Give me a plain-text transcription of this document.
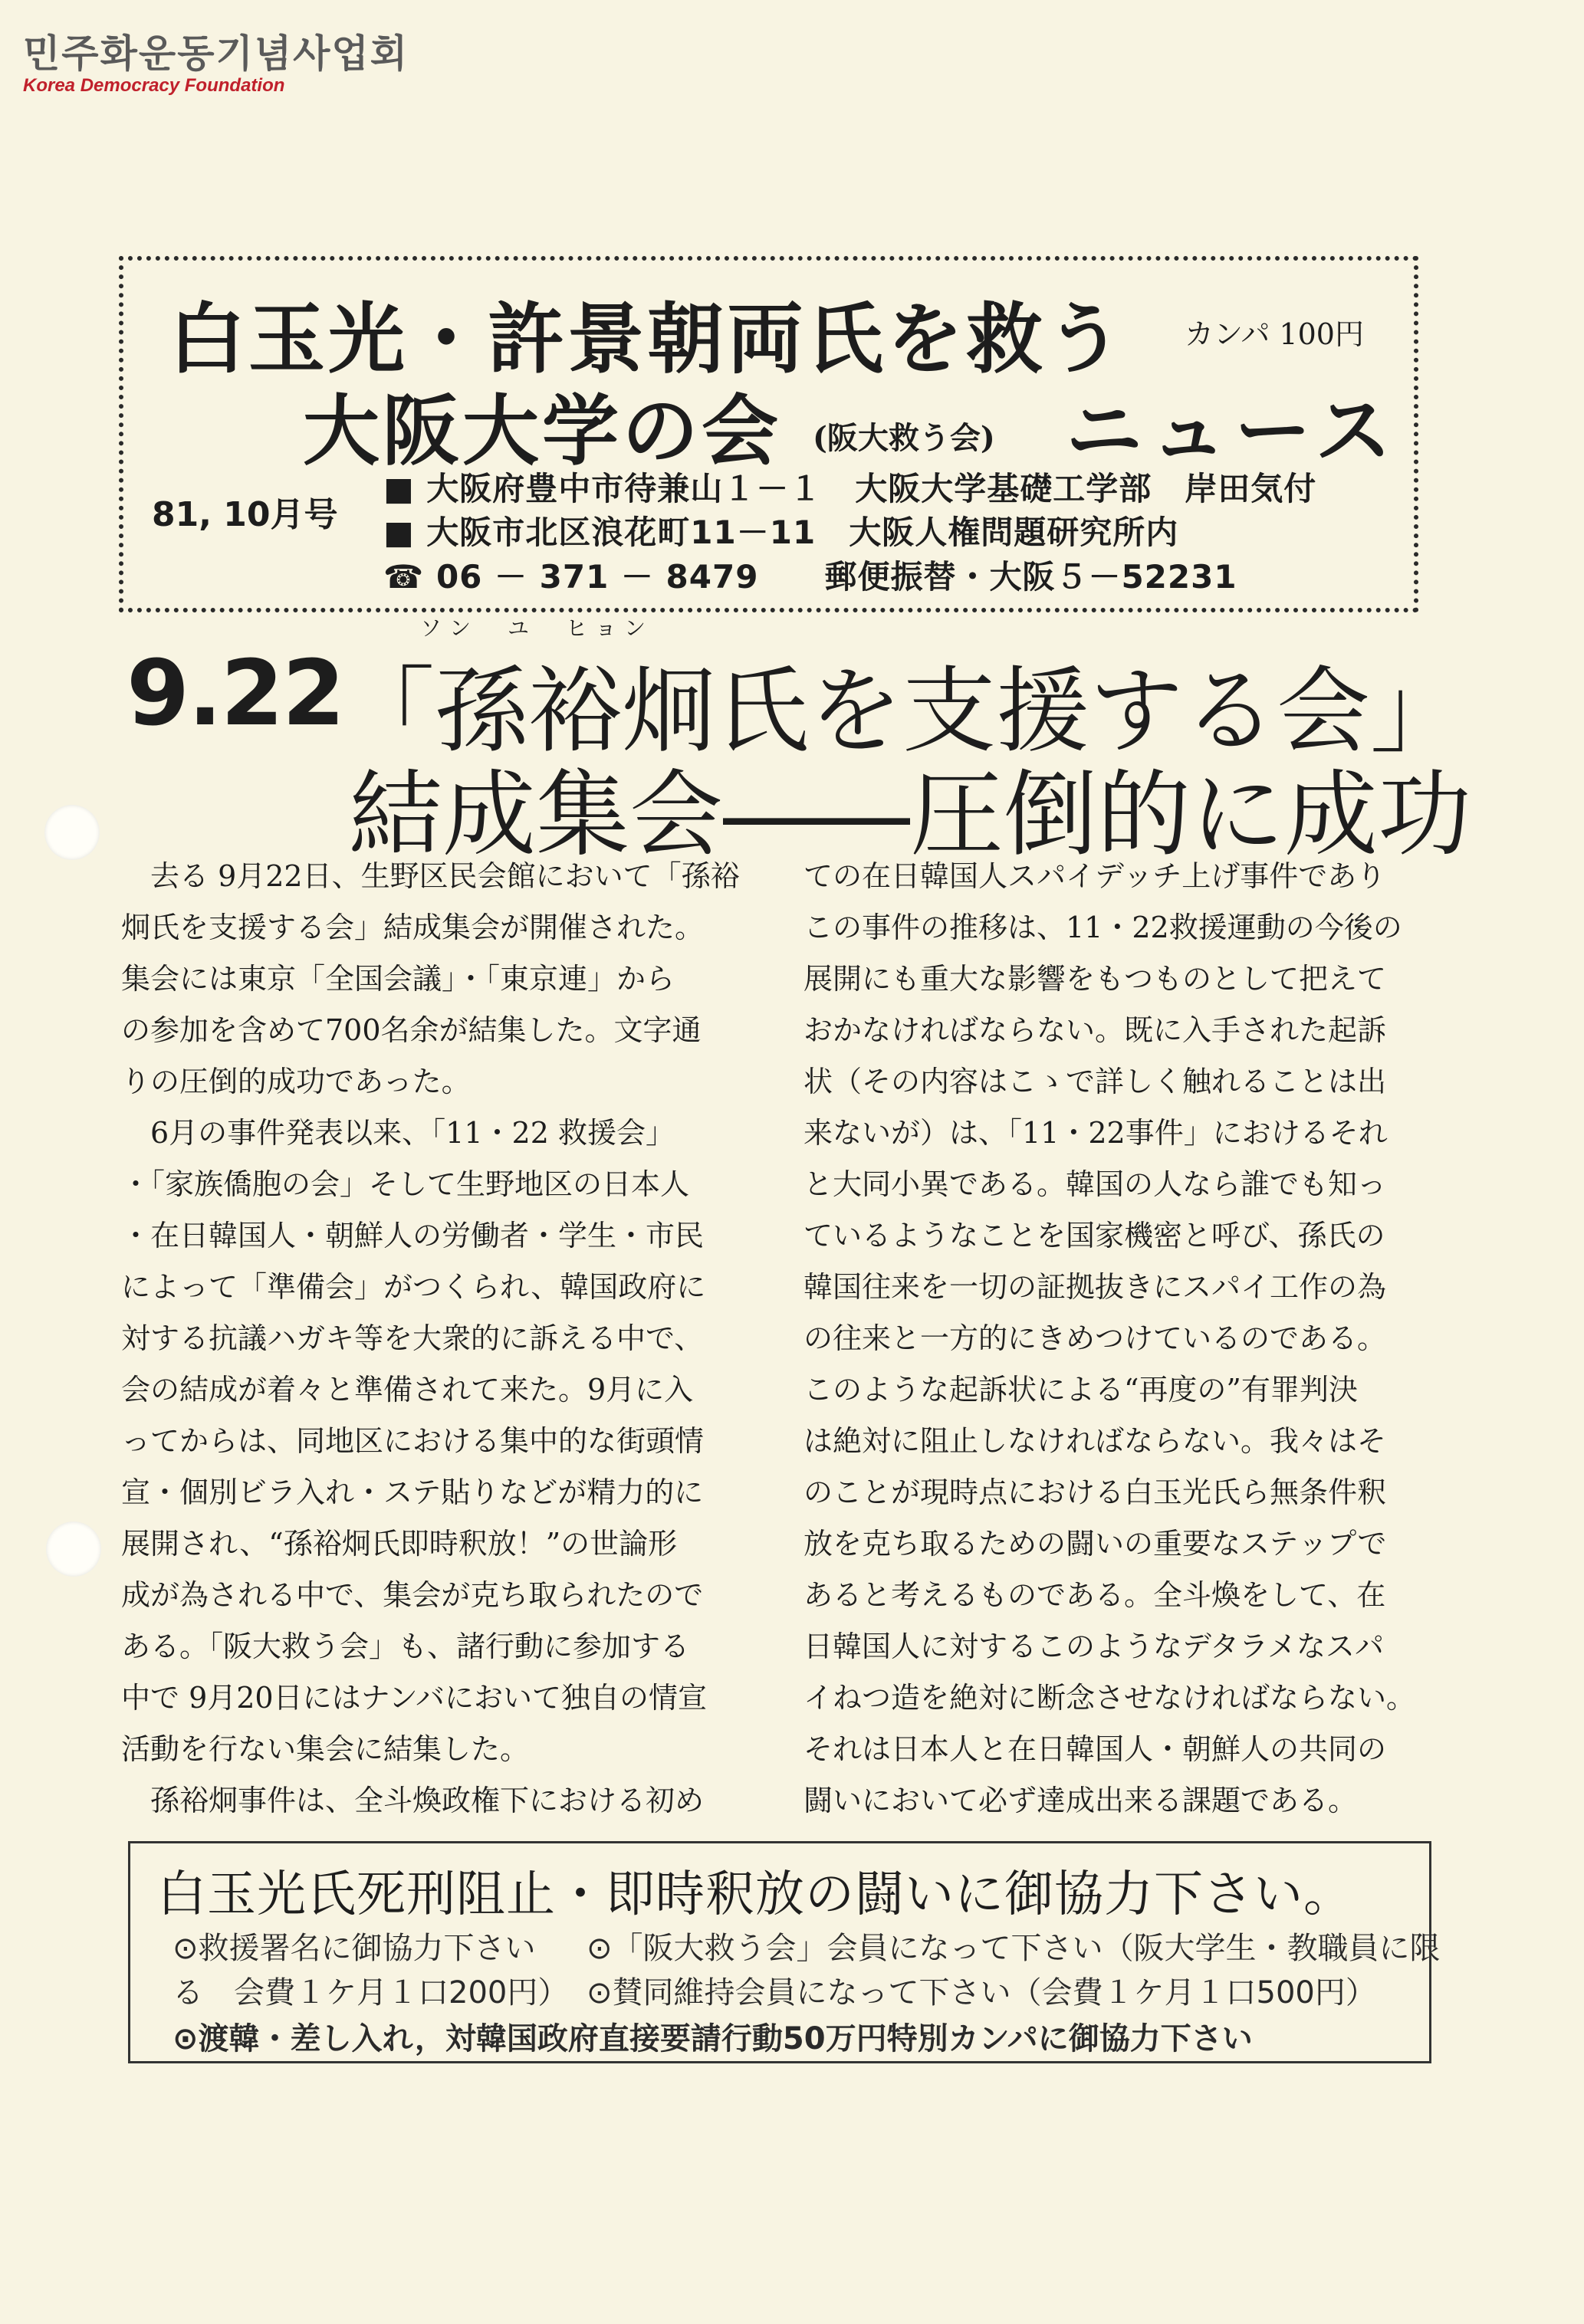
민주화운동기념사업회
Korea Democracy Foundation
白玉光・許景朝両氏を救う カンパ 100円
大阪大学の会 (阪大救う会) ニュース
81, 10月号
■ 大阪府豊中市待兼山１－１　大阪大学基礎工学部　岸田気付
■ 大阪市北区浪花町11－11　大阪人権問題研究所内
☎ 06 － 371 － 8479　　郵便振替・大阪５－52231
ソン　ユ　ヒョン
9.22
「孫裕炯氏を支援する会」
結成集会――圧倒的に成功

　去る 9月22日、生野区民会館において「孫裕

炯氏を支援する会」結成集会が開催された。

集会には東京「全国会議」・「東京連」から

の参加を含めて700名余が結集した。文字通

りの圧倒的成功であった。

　6月の事件発表以来、「11・22 救援会」

・「家族僑胞の会」そして生野地区の日本人

・在日韓国人・朝鮮人の労働者・学生・市民

によって「準備会」がつくられ、韓国政府に

対する抗議ハガキ等を大衆的に訴える中で、

会の結成が着々と準備されて来た。9月に入

ってからは、同地区における集中的な街頭情

宣・個別ビラ入れ・ステ貼りなどが精力的に

展開され、“孫裕炯氏即時釈放！”の世論形

成が為される中で、集会が克ち取られたので

ある。「阪大救う会」も、諸行動に参加する

中で 9月20日にはナンバにおいて独自の情宣

活動を行ない集会に結集した。

　孫裕炯事件は、全斗煥政権下における初め

ての在日韓国人スパイデッチ上げ事件であり

この事件の推移は、11・22救援運動の今後の

展開にも重大な影響をもつものとして把えて

おかなければならない。既に入手された起訴

状（その内容はこゝで詳しく触れることは出

来ないが）は、「11・22事件」におけるそれ

と大同小異である。韓国の人なら誰でも知っ

ているようなことを国家機密と呼び、孫氏の

韓国往来を一切の証拠抜きにスパイ工作の為

の往来と一方的にきめつけているのである。

このような起訴状による“再度の”有罪判決

は絶対に阻止しなければならない。我々はそ

のことが現時点における白玉光氏ら無条件釈

放を克ち取るための闘いの重要なステップで

あると考えるものである。全斗煥をして、在

日韓国人に対するこのようなデタラメなスパ

イねつ造を絶対に断念させなければならない。

それは日本人と在日韓国人・朝鮮人の共同の

闘いにおいて必ず達成出来る課題である。

白玉光氏死刑阻止・即時釈放の闘いに御協力下さい。
⊙救援署名に御協力下さい ⊙「阪大救う会」会員になって下さい（阪大学生・教職員に限
る　会費１ケ月１口200円） ⊙賛同維持会員になって下さい（会費１ケ月１口500円）
⊙渡韓・差し入れ，対韓国政府直接要請行動50万円特別カンパに御協力下さい
